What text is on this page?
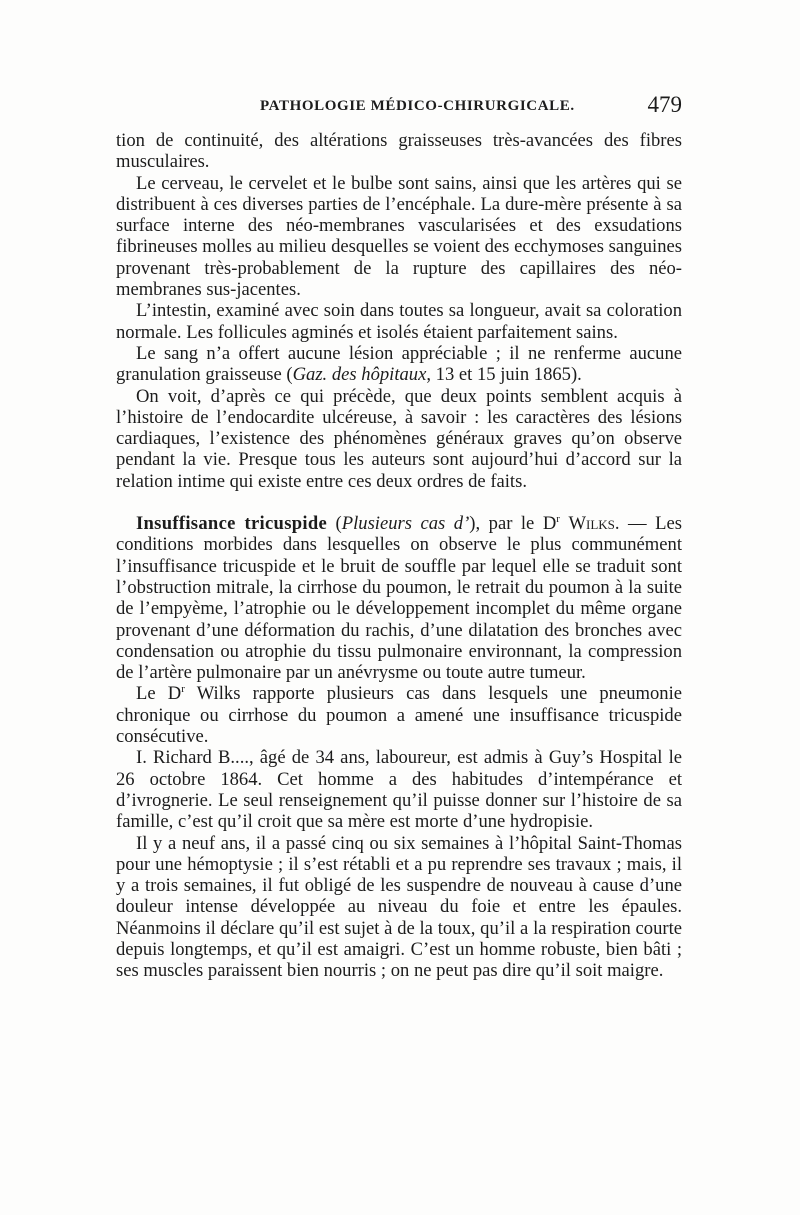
PATHOLOGIE MÉDICO-CHIRURGICALE.	479

tion de continuité, des altérations graisseuses très-avancées des fibres musculaires.

Le cerveau, le cervelet et le bulbe sont sains, ainsi que les artères qui se distribuent à ces diverses parties de l’encéphale. La dure-mère présente à sa surface interne des néo-membranes vascularisées et des exsudations fibrineuses molles au milieu desquelles se voient des ecchymoses sanguines provenant très-probablement de la rupture des capillaires des néo-membranes sus-jacentes.

L’intestin, examiné avec soin dans toutes sa longueur, avait sa coloration normale. Les follicules agminés et isolés étaient parfaitement sains.

Le sang n’a offert aucune lésion appréciable ; il ne renferme aucune granulation graisseuse (Gaz. des hôpitaux, 13 et 15 juin 1865).

On voit, d’après ce qui précède, que deux points semblent acquis à l’histoire de l’endocardite ulcéreuse, à savoir : les caractères des lésions cardiaques, l’existence des phénomènes généraux graves qu’on observe pendant la vie. Presque tous les auteurs sont aujourd’hui d’accord sur la relation intime qui existe entre ces deux ordres de faits.

Insuffisance tricuspide (Plusieurs cas d’), par le $D^r$ Wilks. — Les conditions morbides dans lesquelles on observe le plus communément l’insuffisance tricuspide et le bruit de souffle par lequel elle se traduit sont l’obstruction mitrale, la cirrhose du poumon, le retrait du poumon à la suite de l’empyème, l’atrophie ou le développement incomplet du même organe provenant d’une déformation du rachis, d’une dilatation des bronches avec condensation ou atrophie du tissu pulmonaire environnant, la compression de l’artère pulmonaire par un anévrysme ou toute autre tumeur.

Le $D^r$ Wilks rapporte plusieurs cas dans lesquels une pneumonie chronique ou cirrhose du poumon a amené une insuffisance tricuspide consécutive.

I. Richard B...., âgé de 34 ans, laboureur, est admis à Guy’s Hospital le 26 octobre 1864. Cet homme a des habitudes d’intempérance et d’ivrognerie. Le seul renseignement qu’il puisse donner sur l’histoire de sa famille, c’est qu’il croit que sa mère est morte d’une hydropisie.

Il y a neuf ans, il a passé cinq ou six semaines à l’hôpital Saint-Thomas pour une hémoptysie ; il s’est rétabli et a pu reprendre ses travaux ; mais, il y a trois semaines, il fut obligé de les suspendre de nouveau à cause d’une douleur intense développée au niveau du foie et entre les épaules. Néanmoins il déclare qu’il est sujet à de la toux, qu’il a la respiration courte depuis longtemps, et qu’il est amaigri. C’est un homme robuste, bien bâti ; ses muscles paraissent bien nourris ; on ne peut pas dire qu’il soit maigre.
